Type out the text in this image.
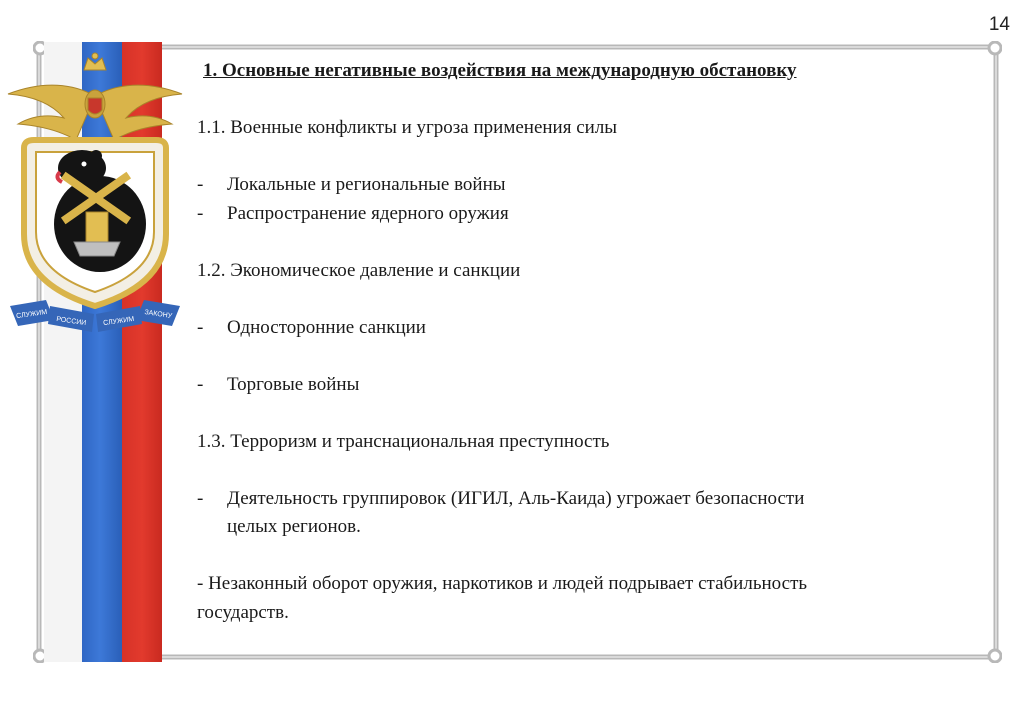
14
СЛУЖИМ
РОССИИ СЛУЖИМ
ЗАКОНУ

1. Основные негативные воздействия на международную обстановку

1.1. Военные конфликты и угроза применения силы

-	Локальные и региональные войны
-	Распространение ядерного оружия

1.2. Экономическое давление и санкции

-	Односторонние санкции
-	Торговые войны

1.3. Терроризм и транснациональная преступность

-	Деятельность группировок (ИГИЛ, Аль-Каида) угрожает безопасности целых регионов.

- Незаконный оборот оружия, наркотиков и людей подрывает стабильность государств.
